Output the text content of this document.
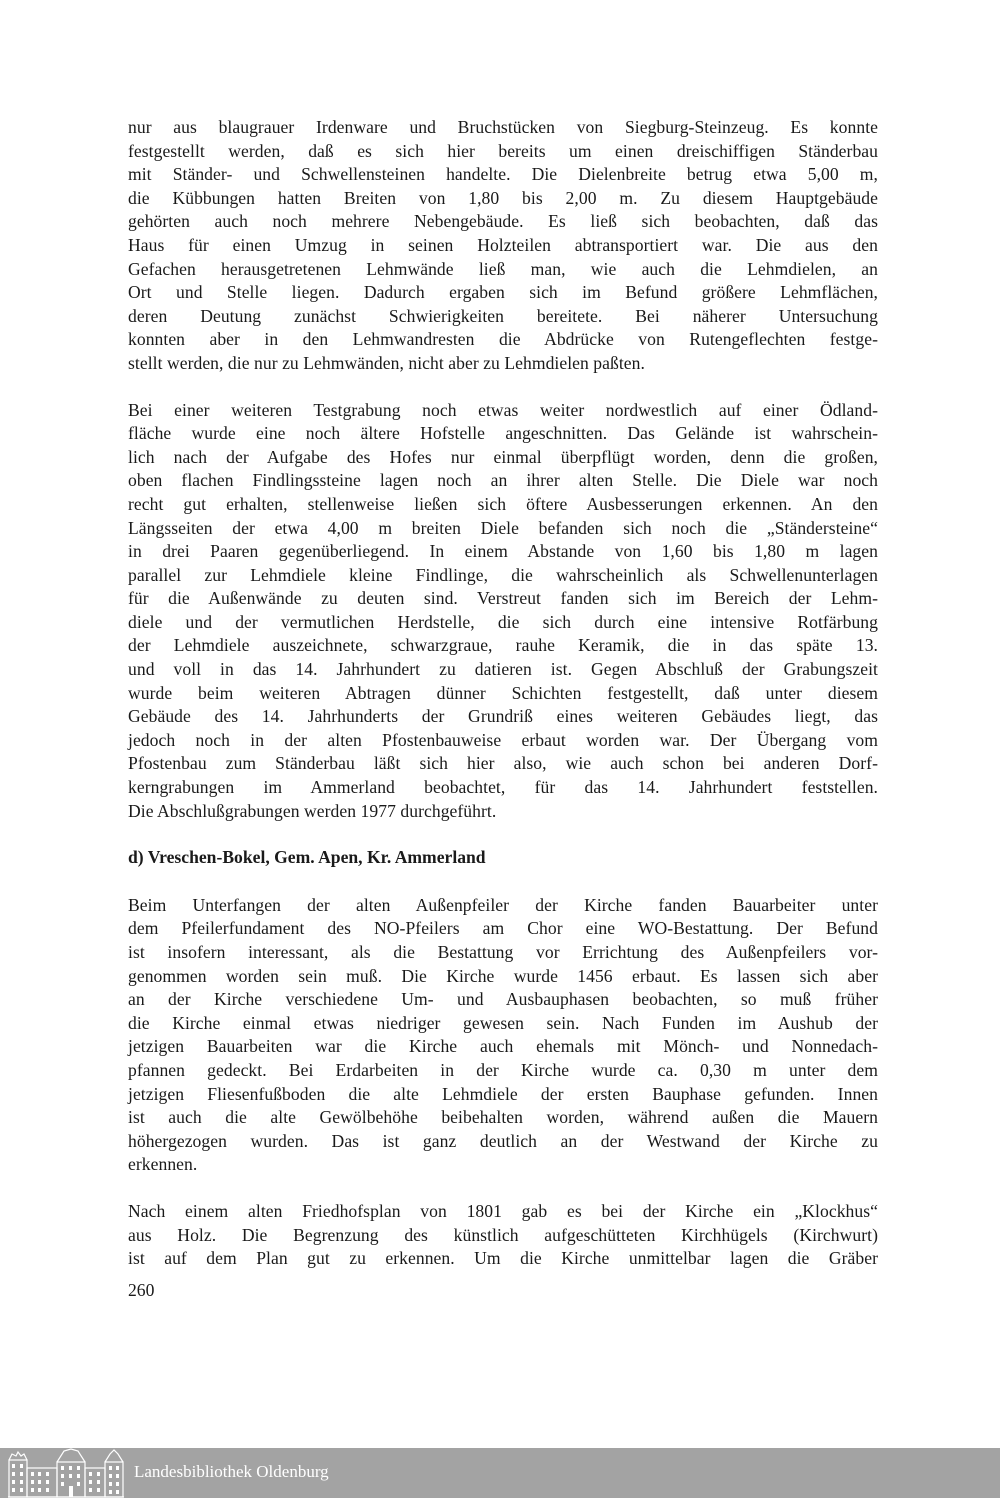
nur aus blaugrauer Irdenware und Bruchstücken von Siegburg-Steinzeug. Es konnte
festgestellt werden, daß es sich hier bereits um einen dreischiffigen Ständerbau
mit Ständer- und Schwellensteinen handelte. Die Dielenbreite betrug etwa 5,00 m,
die Kübbungen hatten Breiten von 1,80 bis 2,00 m. Zu diesem Hauptgebäude
gehörten auch noch mehrere Nebengebäude. Es ließ sich beobachten, daß das
Haus für einen Umzug in seinen Holzteilen abtransportiert war. Die aus den
Gefachen herausgetretenen Lehmwände ließ man, wie auch die Lehmdielen, an
Ort und Stelle liegen. Dadurch ergaben sich im Befund größere Lehmflächen,
deren Deutung zunächst Schwierigkeiten bereitete. Bei näherer Untersuchung
konnten aber in den Lehmwandresten die Abdrücke von Rutengeflechten festge-
stellt werden, die nur zu Lehmwänden, nicht aber zu Lehmdielen paßten.
Bei einer weiteren Testgrabung noch etwas weiter nordwestlich auf einer Ödland-
fläche wurde eine noch ältere Hofstelle angeschnitten. Das Gelände ist wahrschein-
lich nach der Aufgabe des Hofes nur einmal überpflügt worden, denn die großen,
oben flachen Findlingssteine lagen noch an ihrer alten Stelle. Die Diele war noch
recht gut erhalten, stellenweise ließen sich öftere Ausbesserungen erkennen. An den
Längsseiten der etwa 4,00 m breiten Diele befanden sich noch die „Ständersteine“
in drei Paaren gegenüberliegend. In einem Abstande von 1,60 bis 1,80 m lagen
parallel zur Lehmdiele kleine Findlinge, die wahrscheinlich als Schwellenunterlagen
für die Außenwände zu deuten sind. Verstreut fanden sich im Bereich der Lehm-
diele und der vermutlichen Herdstelle, die sich durch eine intensive Rotfärbung
der Lehmdiele auszeichnete, schwarzgraue, rauhe Keramik, die in das späte 13.
und voll in das 14. Jahrhundert zu datieren ist. Gegen Abschluß der Grabungszeit
wurde beim weiteren Abtragen dünner Schichten festgestellt, daß unter diesem
Gebäude des 14. Jahrhunderts der Grundriß eines weiteren Gebäudes liegt, das
jedoch noch in der alten Pfostenbauweise erbaut worden war. Der Übergang vom
Pfostenbau zum Ständerbau läßt sich hier also, wie auch schon bei anderen Dorf-
kerngrabungen im Ammerland beobachtet, für das 14. Jahrhundert feststellen.
Die Abschlußgrabungen werden 1977 durchgeführt.
d) Vreschen-Bokel, Gem. Apen, Kr. Ammerland
Beim Unterfangen der alten Außenpfeiler der Kirche fanden Bauarbeiter unter
dem Pfeilerfundament des NO-Pfeilers am Chor eine WO-Bestattung. Der Befund
ist insofern interessant, als die Bestattung vor Errichtung des Außenpfeilers vor-
genommen worden sein muß. Die Kirche wurde 1456 erbaut. Es lassen sich aber
an der Kirche verschiedene Um- und Ausbauphasen beobachten, so muß früher
die Kirche einmal etwas niedriger gewesen sein. Nach Funden im Aushub der
jetzigen Bauarbeiten war die Kirche auch ehemals mit Mönch- und Nonnedach-
pfannen gedeckt. Bei Erdarbeiten in der Kirche wurde ca. 0,30 m unter dem
jetzigen Fliesenfußboden die alte Lehmdiele der ersten Bauphase gefunden. Innen
ist auch die alte Gewölbehöhe beibehalten worden, während außen die Mauern
höhergezogen wurden. Das ist ganz deutlich an der Westwand der Kirche zu
erkennen.
Nach einem alten Friedhofsplan von 1801 gab es bei der Kirche ein „Klockhus“
aus Holz. Die Begrenzung des künstlich aufgeschütteten Kirchhügels (Kirchwurt)
ist auf dem Plan gut zu erkennen. Um die Kirche unmittelbar lagen die Gräber
260
Landesbibliothek Oldenburg
